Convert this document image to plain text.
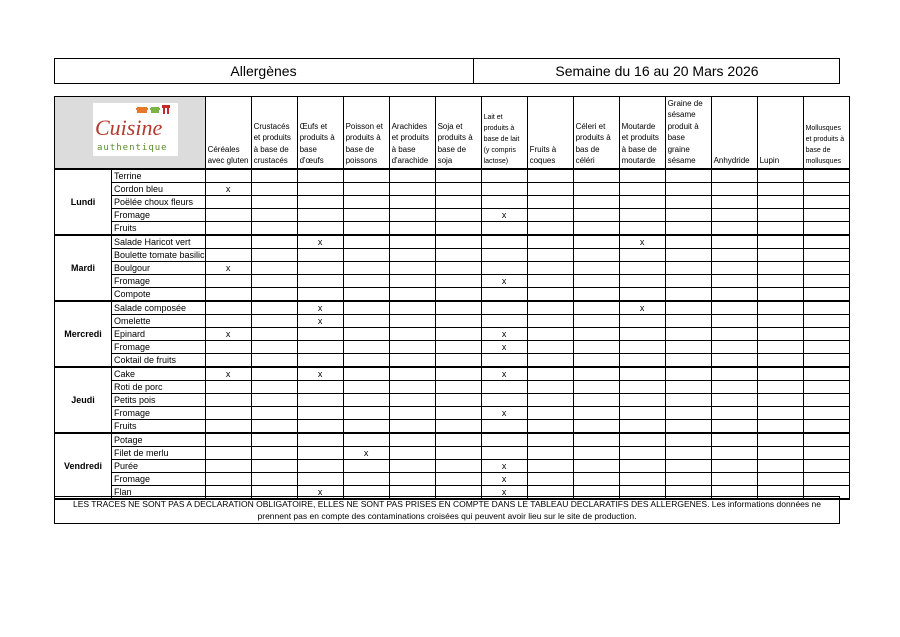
Allergènes	Semaine du 16 au 20 Mars 2026
Cuisine
authentique		Céréales avec gluten	Crustacés et produits à base de crustacés	Œufs et produits à base d'œufs	Poisson et produits à base de poissons	Arachides et produits à base d'arachide	Soja et produits à base de soja	Lait et produits à base de lait (y compris lactose)	Fruits à coques	Céleri et produits à bas de céléri	Moutarde et produits à base de moutarde	Graine de sésame produit à base graine sésame	Anhydride	Lupin	Mollusques et produits à base de mollusques
Lundi	Terrine														
	Cordon bleu	x													
	Poëlée choux fleurs														
	Fromage							x							
	Fruits														
Mardi	Salade Haricot vert			x							x				
	Boulette tomate basilic														
	Boulgour	x													
	Fromage							x							
	Compote														
Mercredi	Salade composée			x							x				
	Omelette			x											
	Epinard	x						x							
	Fromage							x							
	Coktail de fruits														
Jeudi	Cake	x		x				x							
	Roti de porc														
	Petits pois														
	Fromage							x							
	Fruits														
Vendredi	Potage														
	Filet de merlu				x										
	Purée							x							
	Fromage							x							
	Flan			x				x							
LES TRACES NE SONT PAS A DECLARATION OBLIGATOIRE, ELLES NE SONT PAS PRISES EN COMPTE DANS LE TABLEAU DECLARATIFS DES ALLERGENES. Les informations données ne prennent pas en compte des contaminations croisées qui peuvent avoir lieu sur le site de production.
